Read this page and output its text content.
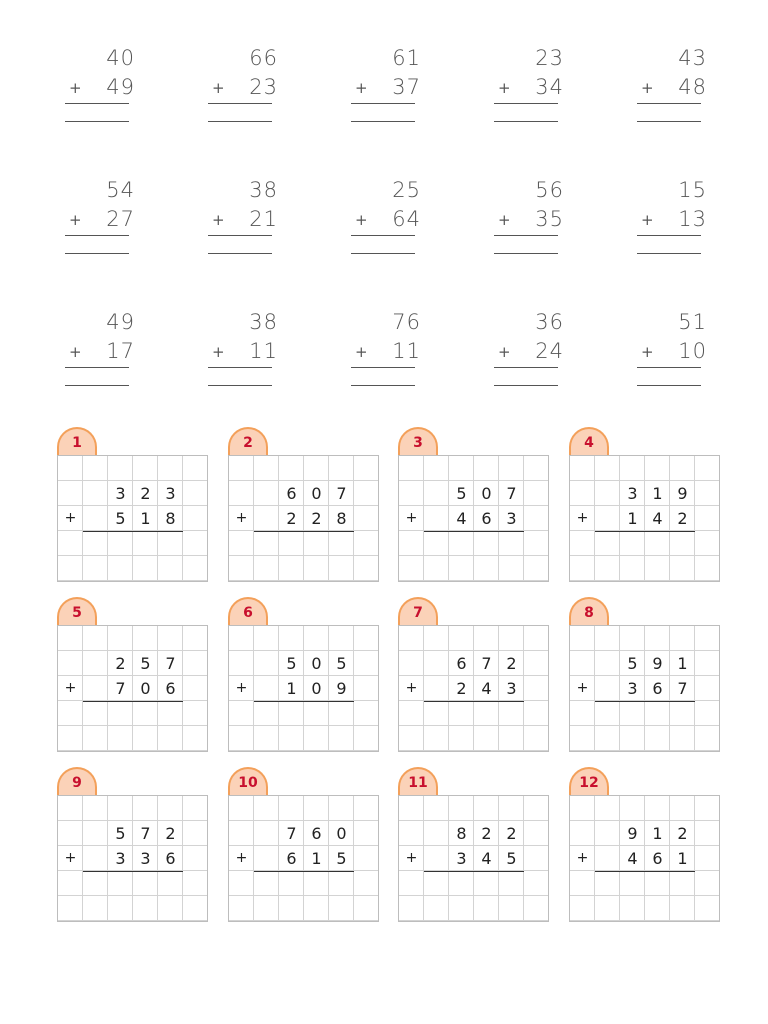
40
+	49
66
+	23
61
+	37
23
+	34
43
+	48
54
+	27
38
+	21
25
+	64
56
+	35
15
+	13
49
+	17
38
+	11
76
+	11
36
+	24
51
+	10
1
3 2 3
+	5 1 8
2
6 0 7
+	2 2 8
3
5 0 7
+	4 6 3
4
3 1 9
+	1 4 2
5
2 5 7
+	7 0 6
6
5 0 5
+	1 0 9
7
6 7 2
+	2 4 3
8
5 9 1
+	3 6 7
9
5 7 2
+	3 3 6
10
7 6 0
+	6 1 5
11
8 2 2
+	3 4 5
12
9 1 2
+	4 6 1
